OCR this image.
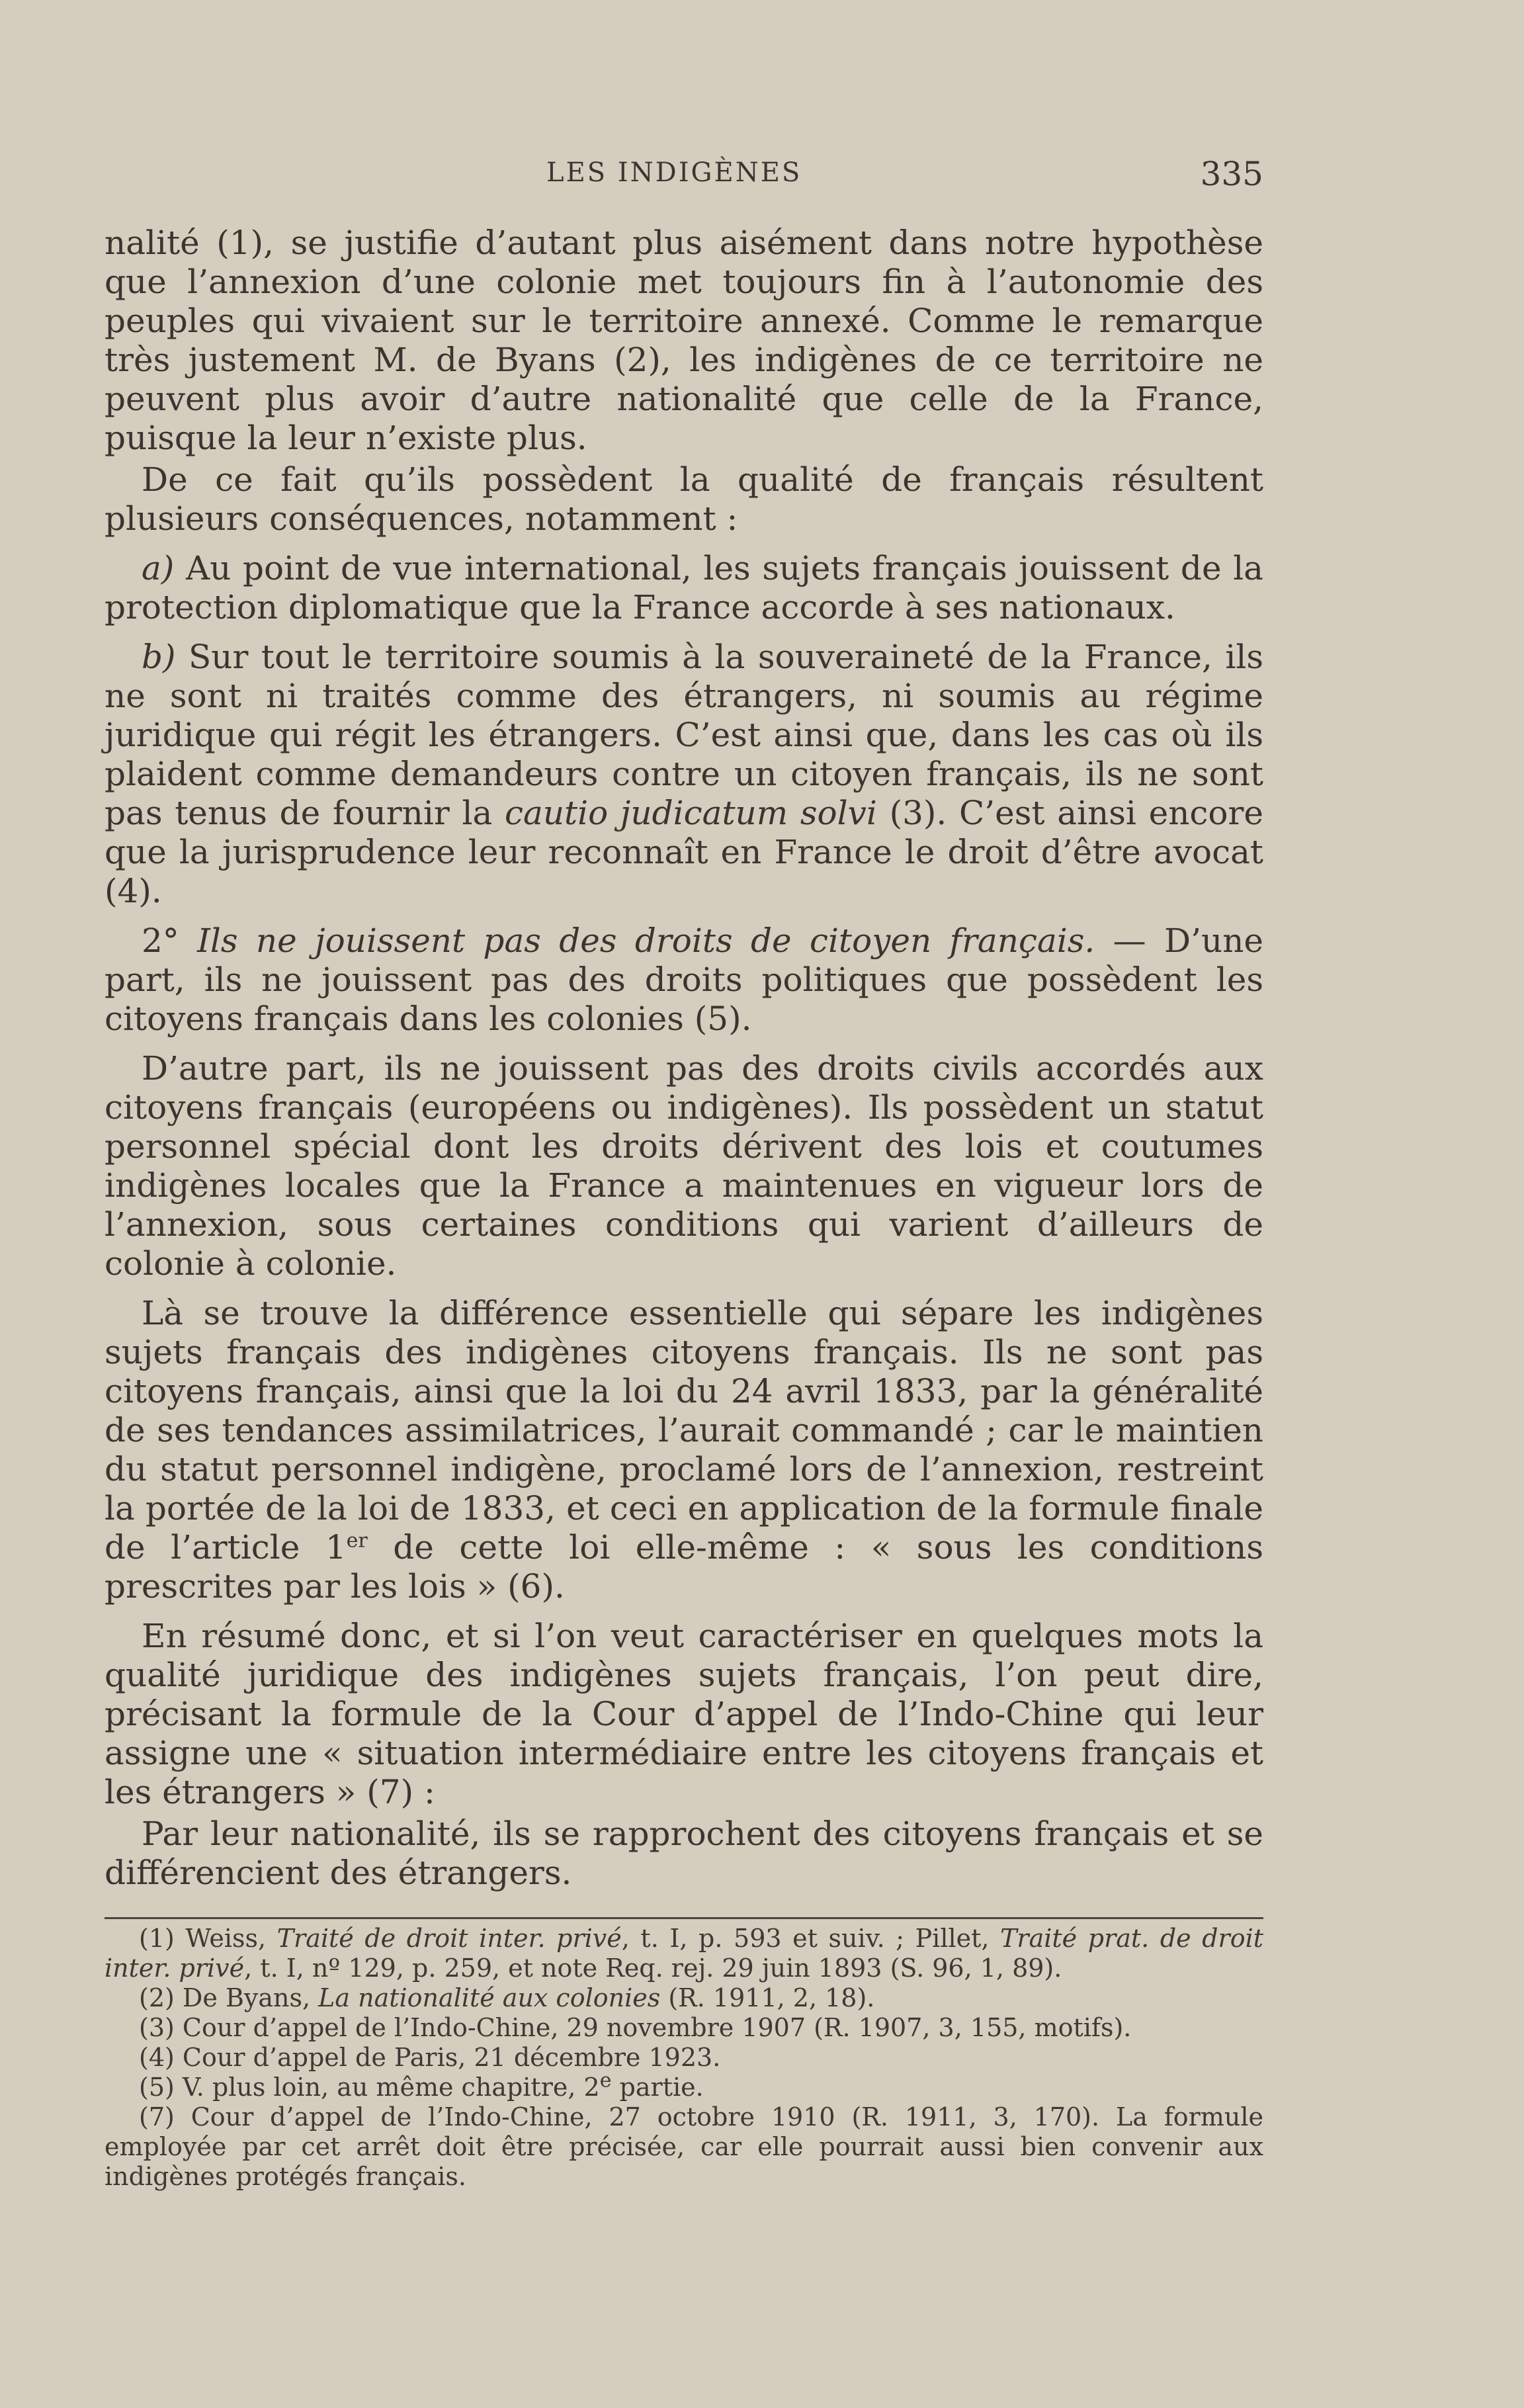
LES INDIGÈNES	335

nalité (1), se justifie d’autant plus aisément dans notre hypothèse que l’annexion d’une colonie met toujours fin à l’autonomie des peuples qui vivaient sur le territoire annexé. Comme le remarque très justement M. de Byans (2), les indigènes de ce territoire ne peuvent plus avoir d’autre nationalité que celle de la France, puisque la leur n’existe plus.

De ce fait qu’ils possèdent la qualité de français résultent plusieurs conséquences, notamment :

a) Au point de vue international, les sujets français jouissent de la protection diplomatique que la France accorde à ses nationaux.

b) Sur tout le territoire soumis à la souveraineté de la France, ils ne sont ni traités comme des étrangers, ni soumis au régime juridique qui régit les étrangers. C’est ainsi que, dans les cas où ils plaident comme demandeurs contre un citoyen français, ils ne sont pas tenus de fournir la cautio judicatum solvi (3). C’est ainsi encore que la jurisprudence leur reconnaît en France le droit d’être avocat (4).

2° Ils ne jouissent pas des droits de citoyen français. — D’une part, ils ne jouissent pas des droits politiques que possèdent les citoyens français dans les colonies (5).

D’autre part, ils ne jouissent pas des droits civils accordés aux citoyens français (européens ou indigènes). Ils possèdent un statut personnel spécial dont les droits dérivent des lois et coutumes indigènes locales que la France a maintenues en vigueur lors de l’annexion, sous certaines conditions qui varient d’ailleurs de colonie à colonie.

Là se trouve la différence essentielle qui sépare les indigènes sujets français des indigènes citoyens français. Ils ne sont pas citoyens français, ainsi que la loi du 24 avril 1833, par la généralité de ses tendances assimilatrices, l’aurait commandé ; car le maintien du statut personnel indigène, proclamé lors de l’annexion, restreint la portée de la loi de 1833, et ceci en application de la formule finale de l’article 1er de cette loi elle-même : « sous les conditions prescrites par les lois » (6).

En résumé donc, et si l’on veut caractériser en quelques mots la qualité juridique des indigènes sujets français, l’on peut dire, précisant la formule de la Cour d’appel de l’Indo-Chine qui leur assigne une « situation intermédiaire entre les citoyens français et les étrangers » (7) :

Par leur nationalité, ils se rapprochent des citoyens français et se différencient des étrangers.

(1) Weiss, Traité de droit inter. privé, t. I, p. 593 et suiv. ; Pillet, Traité prat. de droit inter. privé, t. I, nº 129, p. 259, et note Req. rej. 29 juin 1893 (S. 96, 1, 89).

(2) De Byans, La nationalité aux colonies (R. 1911, 2, 18).

(3) Cour d’appel de l’Indo-Chine, 29 novembre 1907 (R. 1907, 3, 155, motifs).

(4) Cour d’appel de Paris, 21 décembre 1923.

(5) V. plus loin, au même chapitre, 2e partie.

(7) Cour d’appel de l’Indo-Chine, 27 octobre 1910 (R. 1911, 3, 170). La formule employée par cet arrêt doit être précisée, car elle pourrait aussi bien convenir aux indigènes protégés français.
